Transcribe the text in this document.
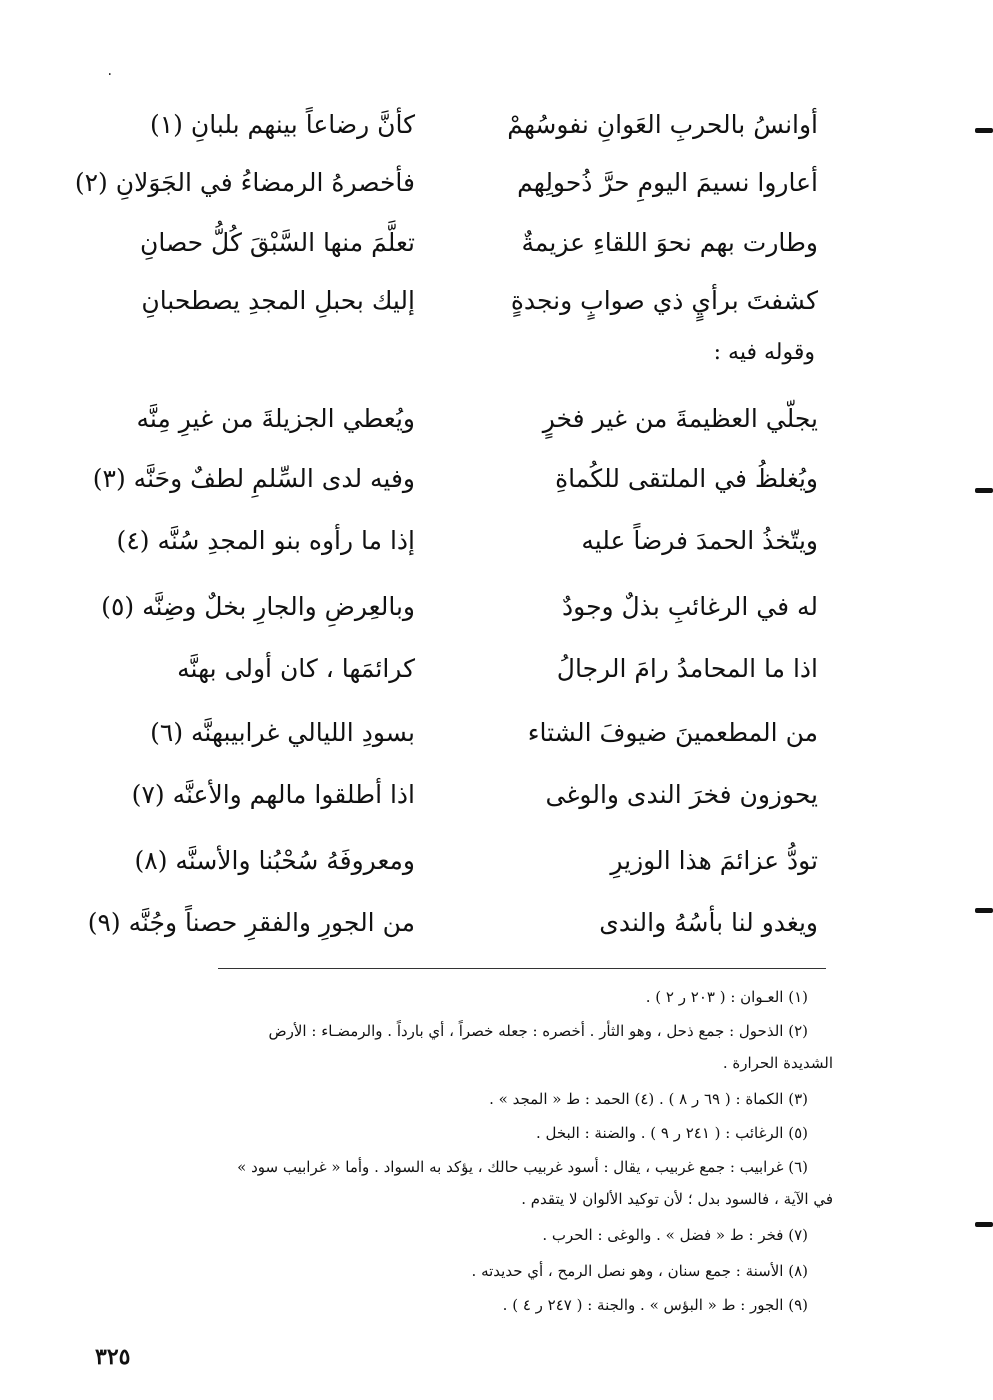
٠
أوانسُ بالحربِ العَوانِ نفوسُهمْ
كأنَّ رضاعاً بينهم بلبانِ (١)
أعاروا نسيمَ اليومِ حرَّ ذُحولِهم
فأخصرهُ الرمضاءُ في الجَوَلانِ (٢)
وطارت بهم نحوَ اللقاءِ عزيمةٌ
تعلَّمَ منها السَّبْقَ كُلُّ حصانِ
كشفتَ برأيٍ ذي صوابٍ ونجدةٍ
إليك بحبلِ المجدِ يصطحبانِ
وقوله فيه :
يجلّي العظيمةَ من غير فخرٍ
ويُعطي الجزيلةَ من غيرِ مِنَّه
ويُغلظُ في الملتقى للكُماةِ
وفيه لدى السِّلمِ لطفٌ وحَنَّه (٣)
ويتّخذُ الحمدَ فرضاً عليه
إذا ما رأوه بنو المجدِ سُنَّه (٤)
له في الرغائبِ بذلٌ وجودٌ
وبالعِرضِ والجارِ بخلٌ وضِنَّه (٥)
اذا ما المحامدُ رامَ الرجالُ
كرائمَها ، كان أولى بهنَّه
من المطعمينَ ضيوفَ الشتاء
بسودِ الليالي غرابيبهنَّه (٦)
يحوزون فخرَ الندى والوغى
اذا أطلقوا مالهم والأعنَّه (٧)
تودُّ عزائمَ هذا الوزيرِ
ومعروفَهُ سُحْبُنا والأسنَّه (٨)
ويغدو لنا بأسُهُ والندى
من الجورِ والفقرِ حصناً وجُنَّه (٩)
(١) العـوان : ( ٢٠٣ ر ٢ ) .
(٢) الذحول : جمع ذحل ، وهو الثأر . أخصره : جعله خصراً ، أي بارداً . والرمضـاء : الأرض
الشديدة الحرارة .
(٣) الكماة : ( ٦٩ ر ٨ ) . (٤) الحمد : ط « المجد » .
(٥) الرغائب : ( ٢٤١ ر ٩ ) . والضنة : البخل .
(٦) غرابيب : جمع غربيب ، يقال : أسود غربيب حالك ، يؤكد به السواد . وأما « غرابيب سود »
في الآية ، فالسود بدل ؛ لأن توكيد الألوان لا يتقدم .
(٧) فخر : ط « فضل » . والوغى : الحرب .
(٨) الأسنة : جمع سنان ، وهو نصل الرمح ، أي حديدته .
(٩) الجور : ط « البؤس » . والجنة : ( ٢٤٧ ر ٤ ) .
٣٢٥
